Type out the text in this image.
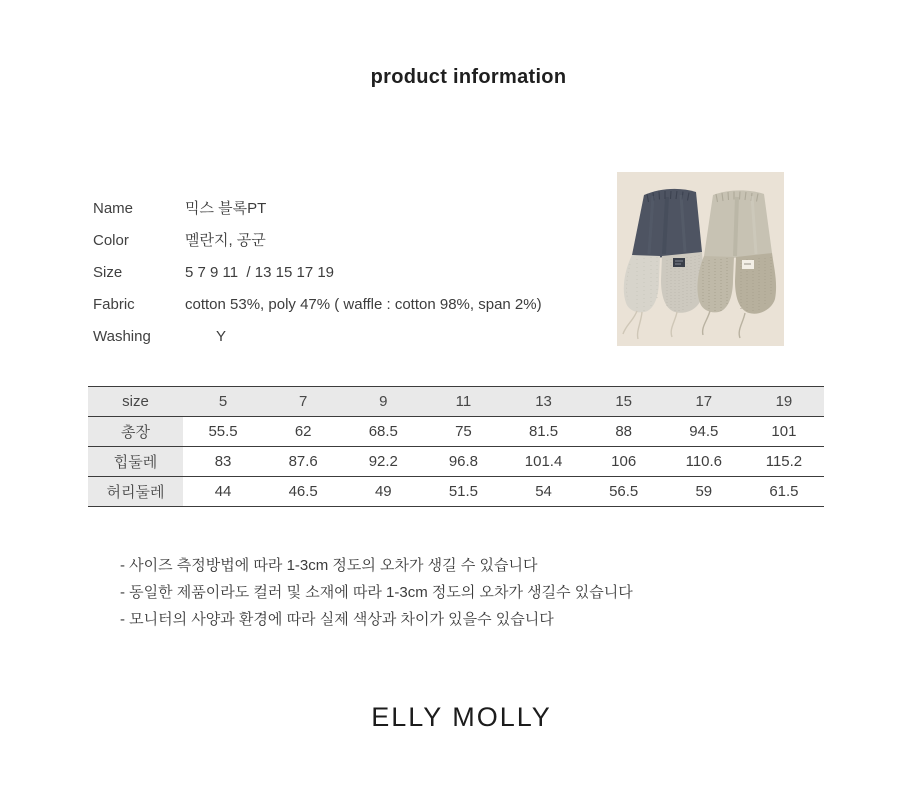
product information
Name	믹스 블록PT
Color	멜란지, 공군
Size	5 7 9 11  / 13 15 17 19
Fabric	cotton 53%, poly 47% ( waffle : cotton 98%, span 2%)
Washing	Y
size	5	7	9	11	13	15	17	19
총장	55.5	62	68.5	75	81.5	88	94.5	101
힙둘레	83	87.6	92.2	96.8	101.4	106	110.6	115.2
허리둘레	44	46.5	49	51.5	54	56.5	59	61.5
- 사이즈 측정방법에 따라 1-3cm 정도의 오차가 생길 수 있습니다
- 동일한 제품이라도 컬러 및 소재에 따라 1-3cm 정도의 오차가 생길수 있습니다
- 모니터의 사양과 환경에 따라 실제 색상과 차이가 있을수 있습니다
ELLY MOLLY
